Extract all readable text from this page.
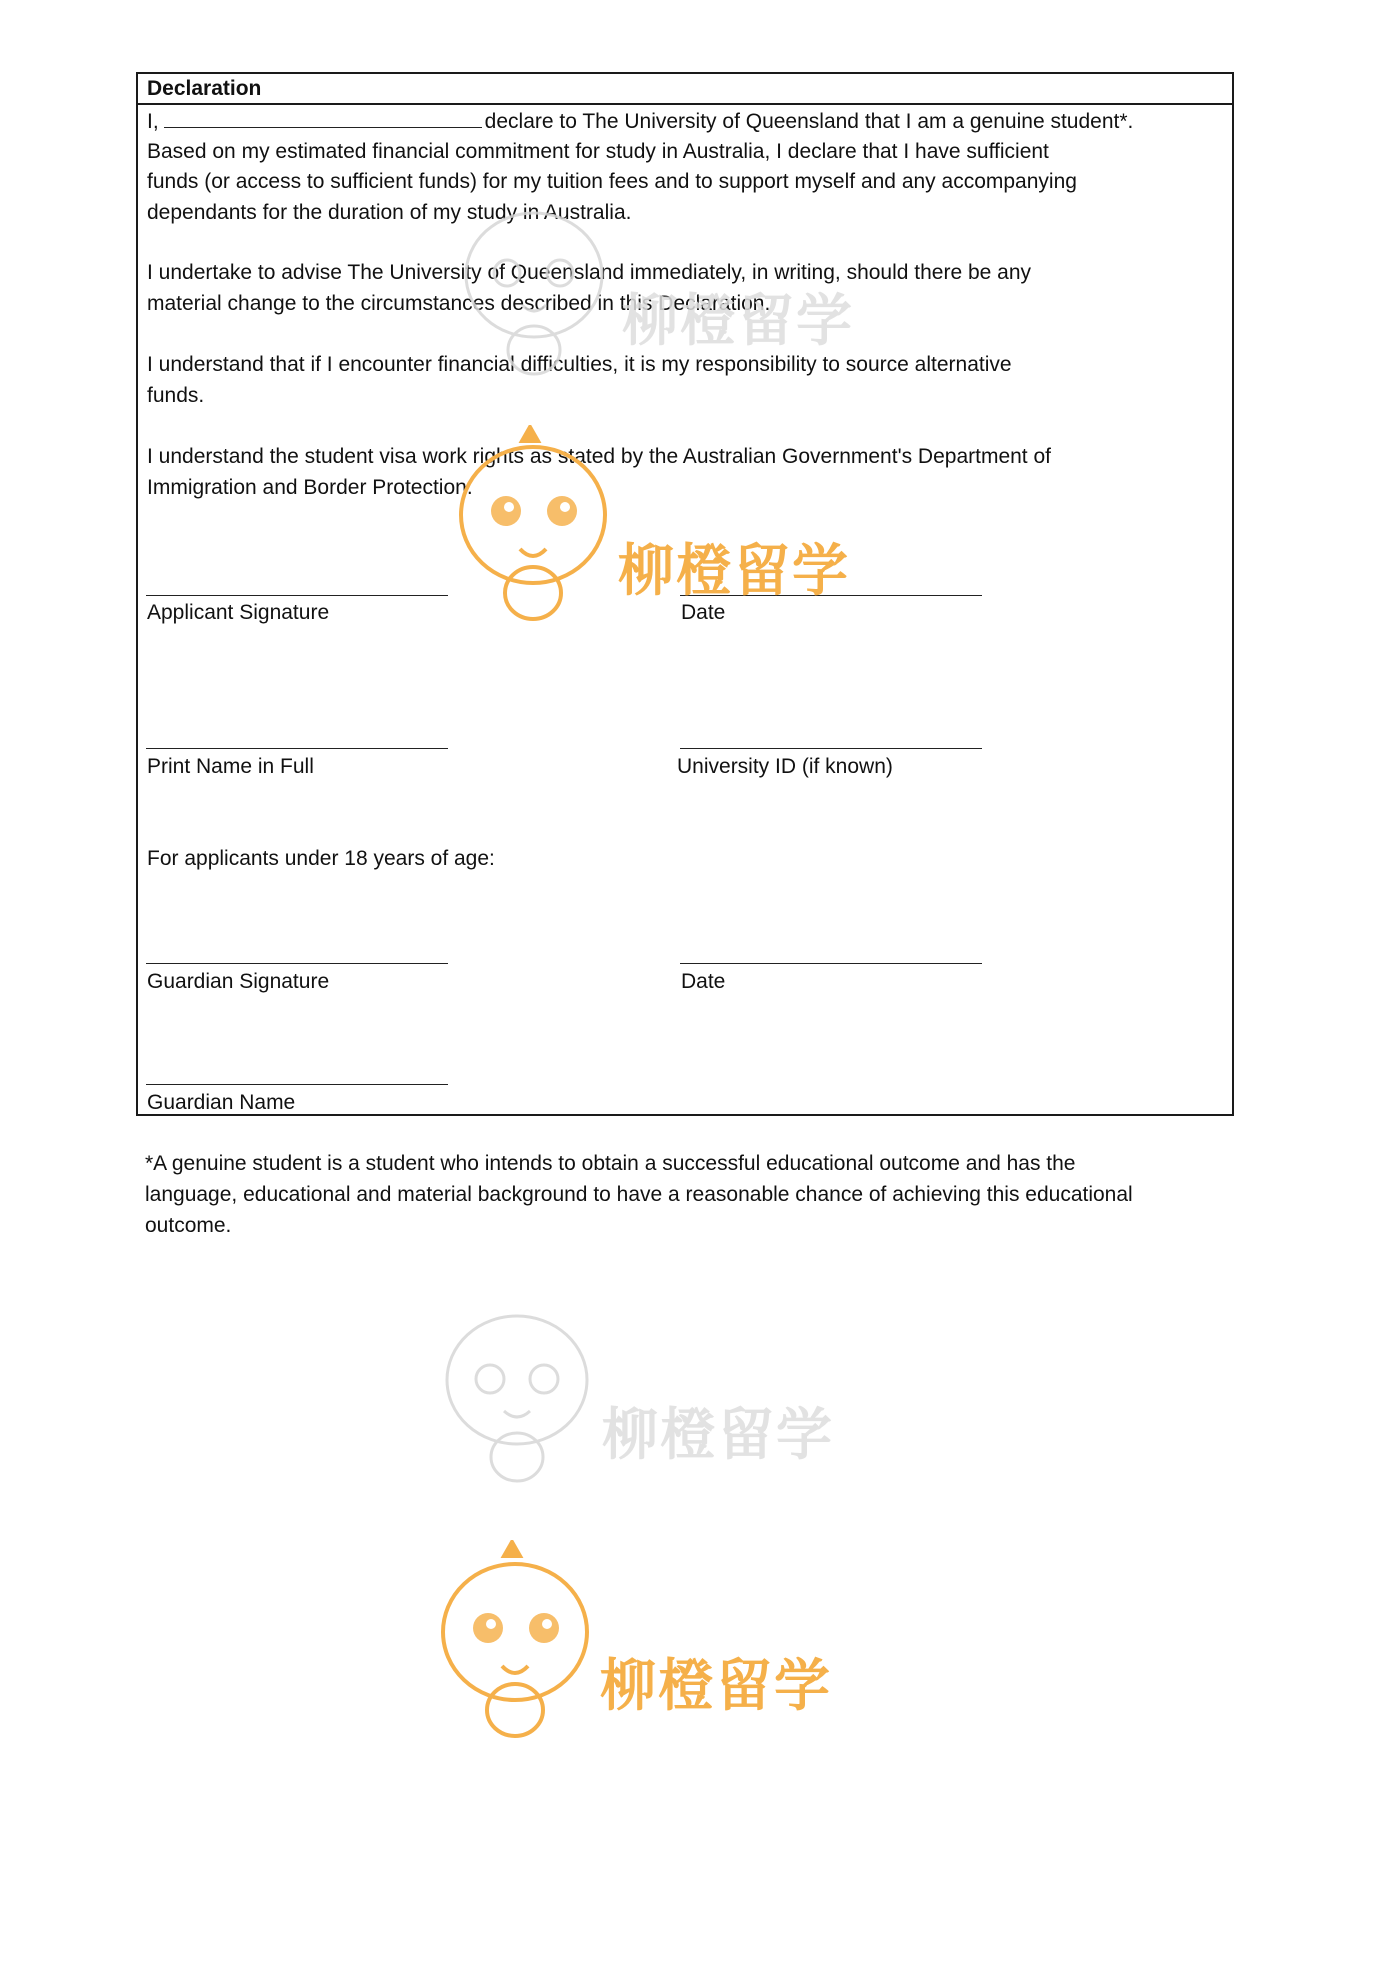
Declaration
I,	declare to The University of Queensland that I am a genuine student*.
Based on my estimated financial commitment for study in Australia, I declare that I have sufficient
funds (or access to sufficient funds) for my tuition fees and to support myself and any accompanying
dependants for the duration of my study in Australia.
I undertake to advise The University of Queensland immediately, in writing, should there be any
material change to the circumstances described in this Declaration.
I understand that if I encounter financial difficulties, it is my responsibility to source alternative
funds.
I understand the student visa work rights as stated by the Australian Government's Department of
Immigration and Border Protection.
Applicant Signature	Date
Print Name in Full	University ID (if known)
For applicants under 18 years of age:
Guardian Signature	Date
Guardian Name
*A genuine student is a student who intends to obtain a successful educational outcome and has the
language, educational and material background to have a reasonable chance of achieving this educational
outcome.
柳橙留学
柳橙留学
柳橙留学
柳橙留学
